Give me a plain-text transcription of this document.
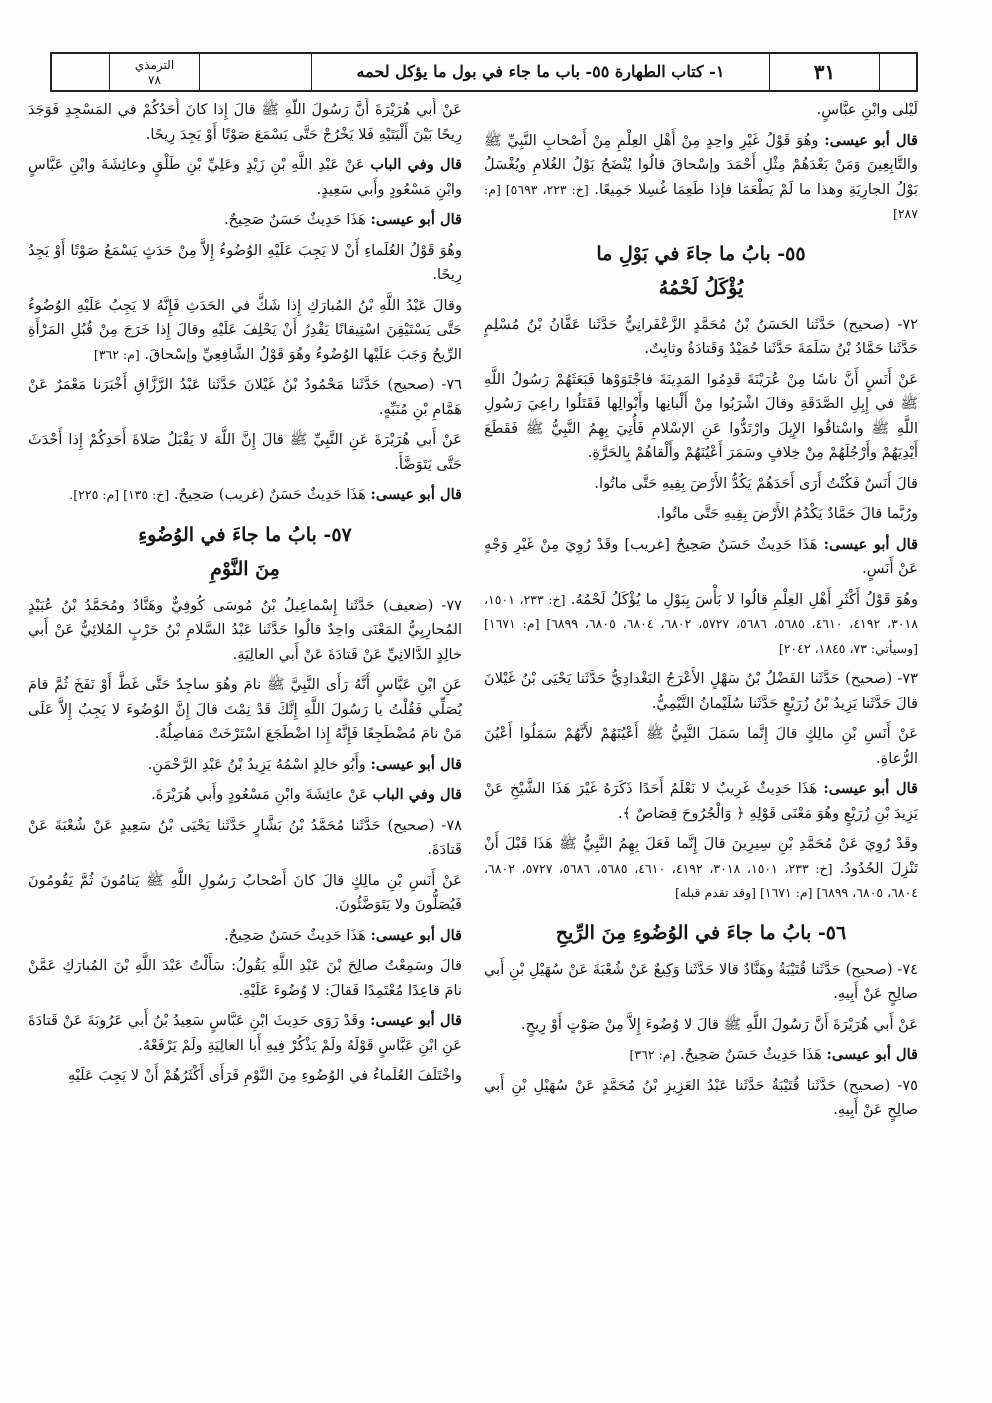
الترمذي
٧٨	١- كتاب الطهارة ٥٥- باب ما جاء في بول ما يؤكل لحمه	٣١

لَيْلى وابْنِ عبَّاسٍ.

قال أبو عيسى: وهُوَ قَوْلُ غَيْرِ واحِدٍ مِنْ أَهْلِ العِلْمِ مِنْ أَصْحابِ النَّبِيِّ ﷺ والتَّابِعِينَ وَمَنْ بَعْدَهُمْ مِثْلِ أَحْمَدَ وإسْحاقَ قالُوا يُنْضَحُ بَوْلُ الغُلامِ ويُغْسَلُ بَوْلُ الجارِيَةِ وهذا ما لَمْ يَطْعَمَا فإذا طَعِمَا غُسِلا جَمِيعًا. [خ: ٢٢٣، ٥٦٩٣] [م: ٢٨٧]

٥٥- بابُ ما جاءَ في بَوْلِ ما
يُؤْكَلُ لَحْمُهُ

٧٢- (صحيح) حَدَّثَنا الحَسَنُ بْنُ مُحَمَّدٍ الزَّعْفَرانِيُّ حَدَّثَنا عَفَّانُ بْنُ مُسْلِمٍ حَدَّثَنا حَمَّادُ بْنُ سَلَمَةَ حَدَّثَنا حُمَيْدٌ وَقَتادَةُ وثابِتٌ.

عَنْ أَنَسٍ أَنَّ ناسًا مِنْ عُرَيْنَةَ قَدِمُوا المَدِينَةَ فاجْتَوَوْها فَبَعَثَهُمْ رَسُولُ اللَّهِ ﷺ في إِبِلِ الصَّدَقَةِ وقالَ اشْرَبُوا مِنْ أَلْبانِها وأَبْوالِها فَقَتَلُوا راعِيَ رَسُولِ اللَّهِ ﷺ واسْتاقُوا الإِبِلَ وارْتَدُّوا عَنِ الإسْلامِ فَأُتِيَ بِهِمُ النَّبِيُّ ﷺ فَقَطَعَ أَيْدِيَهُمْ وأَرْجُلَهُمْ مِنْ خِلافٍ وسَمَرَ أَعْيُنَهُمْ وأَلْقاهُمْ بِالحَرَّةِ.

قالَ أَنَسٌ فَكُنْتُ أَرَى أَحَدَهُمْ يَكُدُّ الأَرْضَ بِفِيهِ حَتَّى ماتُوا.

ورُبَّما قالَ حَمَّادٌ يَكْدُمُ الأَرْضَ بِفِيهِ حَتَّى ماتُوا.

قال أبو عيسى: هَذَا حَدِيثٌ حَسَنٌ صَحِيحٌ [غريب] وقَدْ رُوِيَ مِنْ غَيْرِ وَجْهٍ عَنْ أَنَسٍ.

وهُوَ قَوْلُ أَكْثَرِ أَهْلِ العِلْمِ قالُوا لا بَأْسَ بِبَوْلِ ما يُؤْكَلُ لَحْمُهُ. [خ: ٢٣٣، ١٥٠١، ٣٠١٨، ٤١٩٢، ٤٦١٠، ٥٦٨٥، ٥٦٨٦، ٥٧٢٧، ٦٨٠٢، ٦٨٠٤، ٦٨٠٥، ٦٨٩٩] [م: ١٦٧١] [وسيأتي: ٧٣، ١٨٤٥، ٢٠٤٢]

٧٣- (صحيح) حَدَّثَنا الفَضْلُ بْنُ سَهْلٍ الأَعْرَجُ البَغْدادِيُّ حَدَّثَنا يَحْيَى بْنُ غَيْلانَ قالَ حَدَّثَنا يَزِيدُ بْنُ زُرَيْعٍ حَدَّثَنا سُلَيْمانُ التَّيْمِيُّ.

عَنْ أَنَسِ بْنِ مالِكٍ قالَ إِنَّما سَمَلَ النَّبِيُّ ﷺ أَعْيُنَهُمْ لأَنَّهُمْ سَمَلُوا أَعْيُنَ الرُّعاةِ.

قال أبو عيسى: هَذَا حَدِيثٌ غَرِيبٌ لا نَعْلَمُ أَحَدًا ذَكَرَهُ غَيْرَ هَذَا الشَّيْخِ عَنْ يَزِيدَ بْنِ زُرَيْعٍ وهُوَ مَعْنَى قَوْلِهِ ﴿ وَالْجُرُوحَ قِصَاصٌ ﴾.

وقَدْ رُوِيَ عَنْ مُحَمَّدِ بْنِ سِيرِينَ قالَ إِنَّما فَعَلَ بِهِمُ النَّبِيُّ ﷺ هَذَا قَبْلَ أَنْ تَنْزِلَ الحُدُودُ. [خ: ٢٣٣، ١٥٠١، ٣٠١٨، ٤١٩٢، ٤٦١٠، ٥٦٨٥، ٥٦٨٦، ٥٧٢٧، ٦٨٠٢، ٦٨٠٤، ٦٨٠٥، ٦٨٩٩] [م: ١٦٧١] [وقد تقدم قبله]

٥٦- بابُ ما جاءَ في الوُضُوءِ مِنَ الرِّيحِ

٧٤- (صحيح) حَدَّثَنا قُتَيْبَةُ وهَنَّادٌ قالا حَدَّثَنا وَكِيعٌ عَنْ شُعْبَةَ عَنْ سُهَيْلِ بْنِ أَبي صالِحٍ عَنْ أَبِيهِ.

عَنْ أَبي هُرَيْرَةَ أَنَّ رَسُولَ اللَّهِ ﷺ قالَ لا وُضُوءَ إِلاَّ مِنْ صَوْتٍ أَوْ رِيحٍ.

قال أبو عيسى: هَذَا حَدِيثٌ حَسَنٌ صَحِيحٌ. [م: ٣٦٢]

٧٥- (صحيح) حَدَّثَنا قُتَيْبَةُ حَدَّثَنا عَبْدُ العَزِيزِ بْنُ مُحَمَّدٍ عَنْ سُهَيْلِ بْنِ أَبي صالِحٍ عَنْ أَبِيهِ.

عَنْ أَبي هُرَيْرَةَ أَنَّ رَسُولَ اللَّهِ ﷺ قالَ إِذا كانَ أَحَدُكُمْ في المَسْجِدِ فَوَجَدَ رِيحًا بَيْنَ أَلْيَتَيْهِ فَلا يَخْرُجْ حَتَّى يَسْمَعَ صَوْتًا أَوْ يَجِدَ رِيحًا.

قال وفي الباب عَنْ عَبْدِ اللَّهِ بْنِ زَيْدٍ وعَلِيِّ بْنِ طَلْقٍ وعائِشَةَ وابْنِ عَبَّاسٍ وابْنِ مَسْعُودٍ وأَبي سَعِيدٍ.

قال أبو عيسى: هَذَا حَدِيثٌ حَسَنٌ صَحِيحٌ.

وهُوَ قَوْلُ العُلَماءِ أَنْ لا يَجِبَ عَلَيْهِ الوُضُوءُ إِلاَّ مِنْ حَدَثٍ يَسْمَعُ صَوْتًا أَوْ يَجِدُ رِيحًا.

وقالَ عَبْدُ اللَّهِ بْنُ المُبارَكِ إِذا شَكَّ في الحَدَثِ فَإِنَّهُ لا يَجِبُ عَلَيْهِ الوُضُوءُ حَتَّى يَسْتَيْقِنَ اسْتِيقانًا يَقْدِرُ أَنْ يَحْلِفَ عَلَيْهِ وقالَ إِذا خَرَجَ مِنْ قُبُلِ المَرْأَةِ الرِّيحُ وَجَبَ عَلَيْها الوُضُوءُ وهُوَ قَوْلُ الشَّافِعِيِّ وإسْحاقَ. [م: ٣٦٢]

٧٦- (صحيح) حَدَّثَنا مَحْمُودُ بْنُ غَيْلانَ حَدَّثَنا عَبْدُ الرَّزَّاقِ أَخْبَرَنا مَعْمَرٌ عَنْ هَمَّامِ بْنِ مُنَبِّهٍ.

عَنْ أَبي هُرَيْرَةَ عَنِ النَّبِيِّ ﷺ قالَ إِنَّ اللَّهَ لا يَقْبَلُ صَلاةَ أَحَدِكُمْ إِذا أَحْدَثَ حَتَّى يَتَوَضَّأَ.

قال أبو عيسى: هَذَا حَدِيثٌ حَسَنٌ (غريب) صَحِيحٌ. [خ: ١٣٥] [م: ٢٢٥].

٥٧- بابُ ما جاءَ في الوُضُوءِ
مِنَ النَّوْمِ

٧٧- (ضعيف) حَدَّثَنا إِسْماعِيلُ بْنُ مُوسَى كُوفِيٌّ وهَنَّادٌ ومُحَمَّدُ بْنُ عُبَيْدٍ المُحارِبِيُّ المَعْنَى واحِدٌ قالُوا حَدَّثَنا عَبْدُ السَّلامِ بْنُ حَرْبٍ المُلائِيُّ عَنْ أَبي خالِدٍ الدَّالانِيِّ عَنْ قَتادَةَ عَنْ أَبي العالِيَةِ.

عَنِ ابْنِ عَبَّاسٍ أَنَّهُ رَأَى النَّبِيَّ ﷺ نامَ وهُوَ ساجِدٌ حَتَّى غَطَّ أَوْ نَفَخَ ثُمَّ قامَ يُصَلِّي فَقُلْتُ يا رَسُولَ اللَّهِ إِنَّكَ قَدْ نِمْتَ قالَ إِنَّ الوُضُوءَ لا يَجِبُ إِلاَّ عَلَى مَنْ نامَ مُضْطَجِعًا فَإِنَّهُ إِذا اضْطَجَعَ اسْتَرْخَتْ مَفاصِلُهُ.

قال أبو عيسى: وأَبُو خالِدٍ اسْمُهُ يَزِيدُ بْنُ عَبْدِ الرَّحْمَنِ.

قال وفي الباب عَنْ عائِشَةَ وابْنِ مَسْعُودٍ وأَبي هُرَيْرَةَ.

٧٨- (صحيح) حَدَّثَنا مُحَمَّدُ بْنُ بَشَّارٍ حَدَّثَنا يَحْيَى بْنُ سَعِيدٍ عَنْ شُعْبَةَ عَنْ قَتادَةَ.

عَنْ أَنَسِ بْنِ مالِكٍ قالَ كانَ أَصْحابُ رَسُولِ اللَّهِ ﷺ يَنامُونَ ثُمَّ يَقُومُونَ فَيُصَلُّونَ ولا يَتَوَضَّئُونَ.

قال أبو عيسى: هَذَا حَدِيثٌ حَسَنٌ صَحِيحٌ.

قالَ وسَمِعْتُ صالِحَ بْنَ عَبْدِ اللَّهِ يَقُولُ: سَأَلْتُ عَبْدَ اللَّهِ بْنَ المُبارَكِ عَمَّنْ نامَ قاعِدًا مُعْتَمِدًا فَقالَ: لا وُضُوءَ عَلَيْهِ.

قال أبو عيسى: وقَدْ رَوَى حَدِيثَ ابْنِ عَبَّاسٍ سَعِيدُ بْنُ أَبي عَرُوبَةَ عَنْ قَتادَةَ عَنِ ابْنِ عَبَّاسٍ قَوْلَهُ ولَمْ يَذْكُرْ فِيهِ أَبا العالِيَةِ ولَمْ يَرْفَعْهُ.

واخْتَلَفَ العُلَماءُ في الوُضُوءِ مِنَ النَّوْمِ فَرَأَى أَكْثَرُهُمْ أَنْ لا يَجِبَ عَلَيْهِ
